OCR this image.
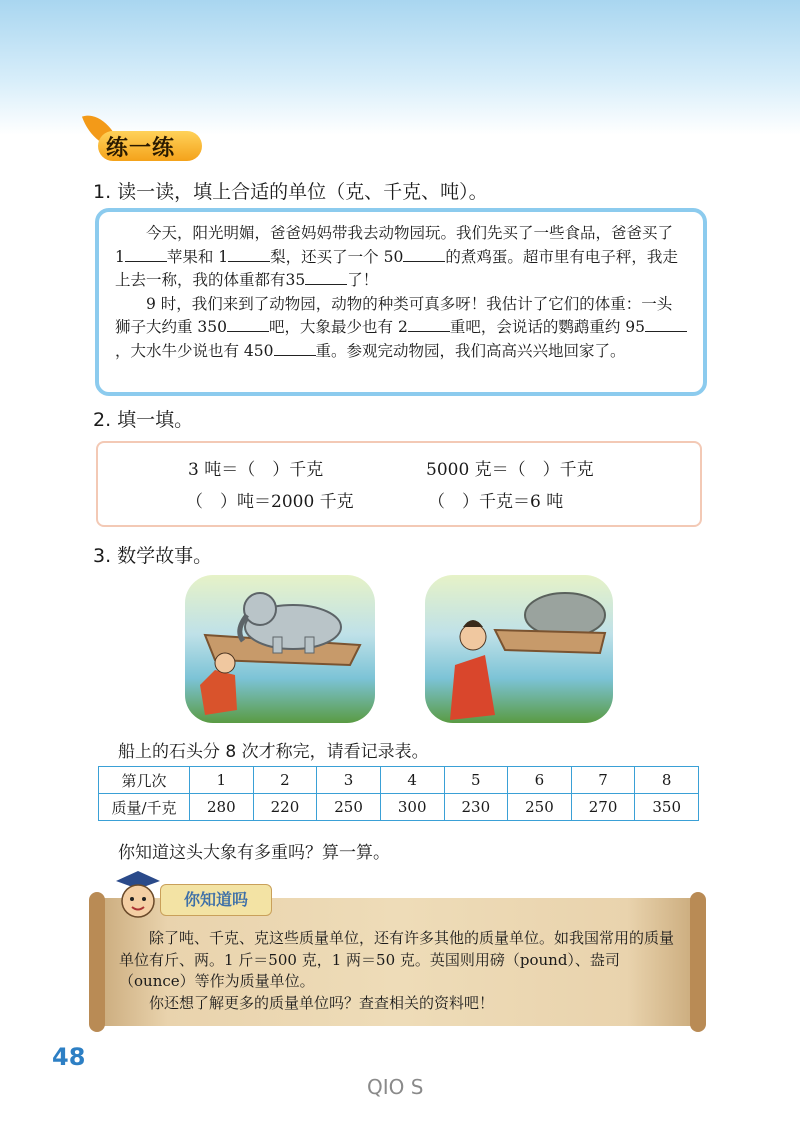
练一练
1. 读一读，填上合适的单位（克、千克、吨）。

今天，阳光明媚，爸爸妈妈带我去动物园玩。我们先买了一些食品，爸爸买了 1	苹果和 1	梨，还买了一个 50	的煮鸡蛋。超市里有电子秤，我走上去一称，我的体重都有35	了！

9 时，我们来到了动物园，动物的种类可真多呀！我估计了它们的体重：一头狮子大约重 350	吧，大象最少也有 2	重吧，会说话的鹦鹉重约 95，大水牛少说也有 450	重。参观完动物园，我们高高兴兴地回家了。

2. 填一填。
3 吨＝（　）千克	5000 克＝（　）千克
（　）吨＝2000 千克	（　）千克＝6 吨
3. 数学故事。
船上的石头分 8 次才称完，请看记录表。
第几次	1	2	3	4	5	6	7	8
质量/千克	280	220	250	300	230	250	270	350
你知道这头大象有多重吗？算一算。

除了吨、千克、克这些质量单位，还有许多其他的质量单位。如我国常用的质量单位有斤、两。1 斤＝500 克，1 两＝50 克。英国则用磅（pound）、盎司（ounce）等作为质量单位。

你还想了解更多的质量单位吗？查查相关的资料吧！

你知道吗
48
QIO S
